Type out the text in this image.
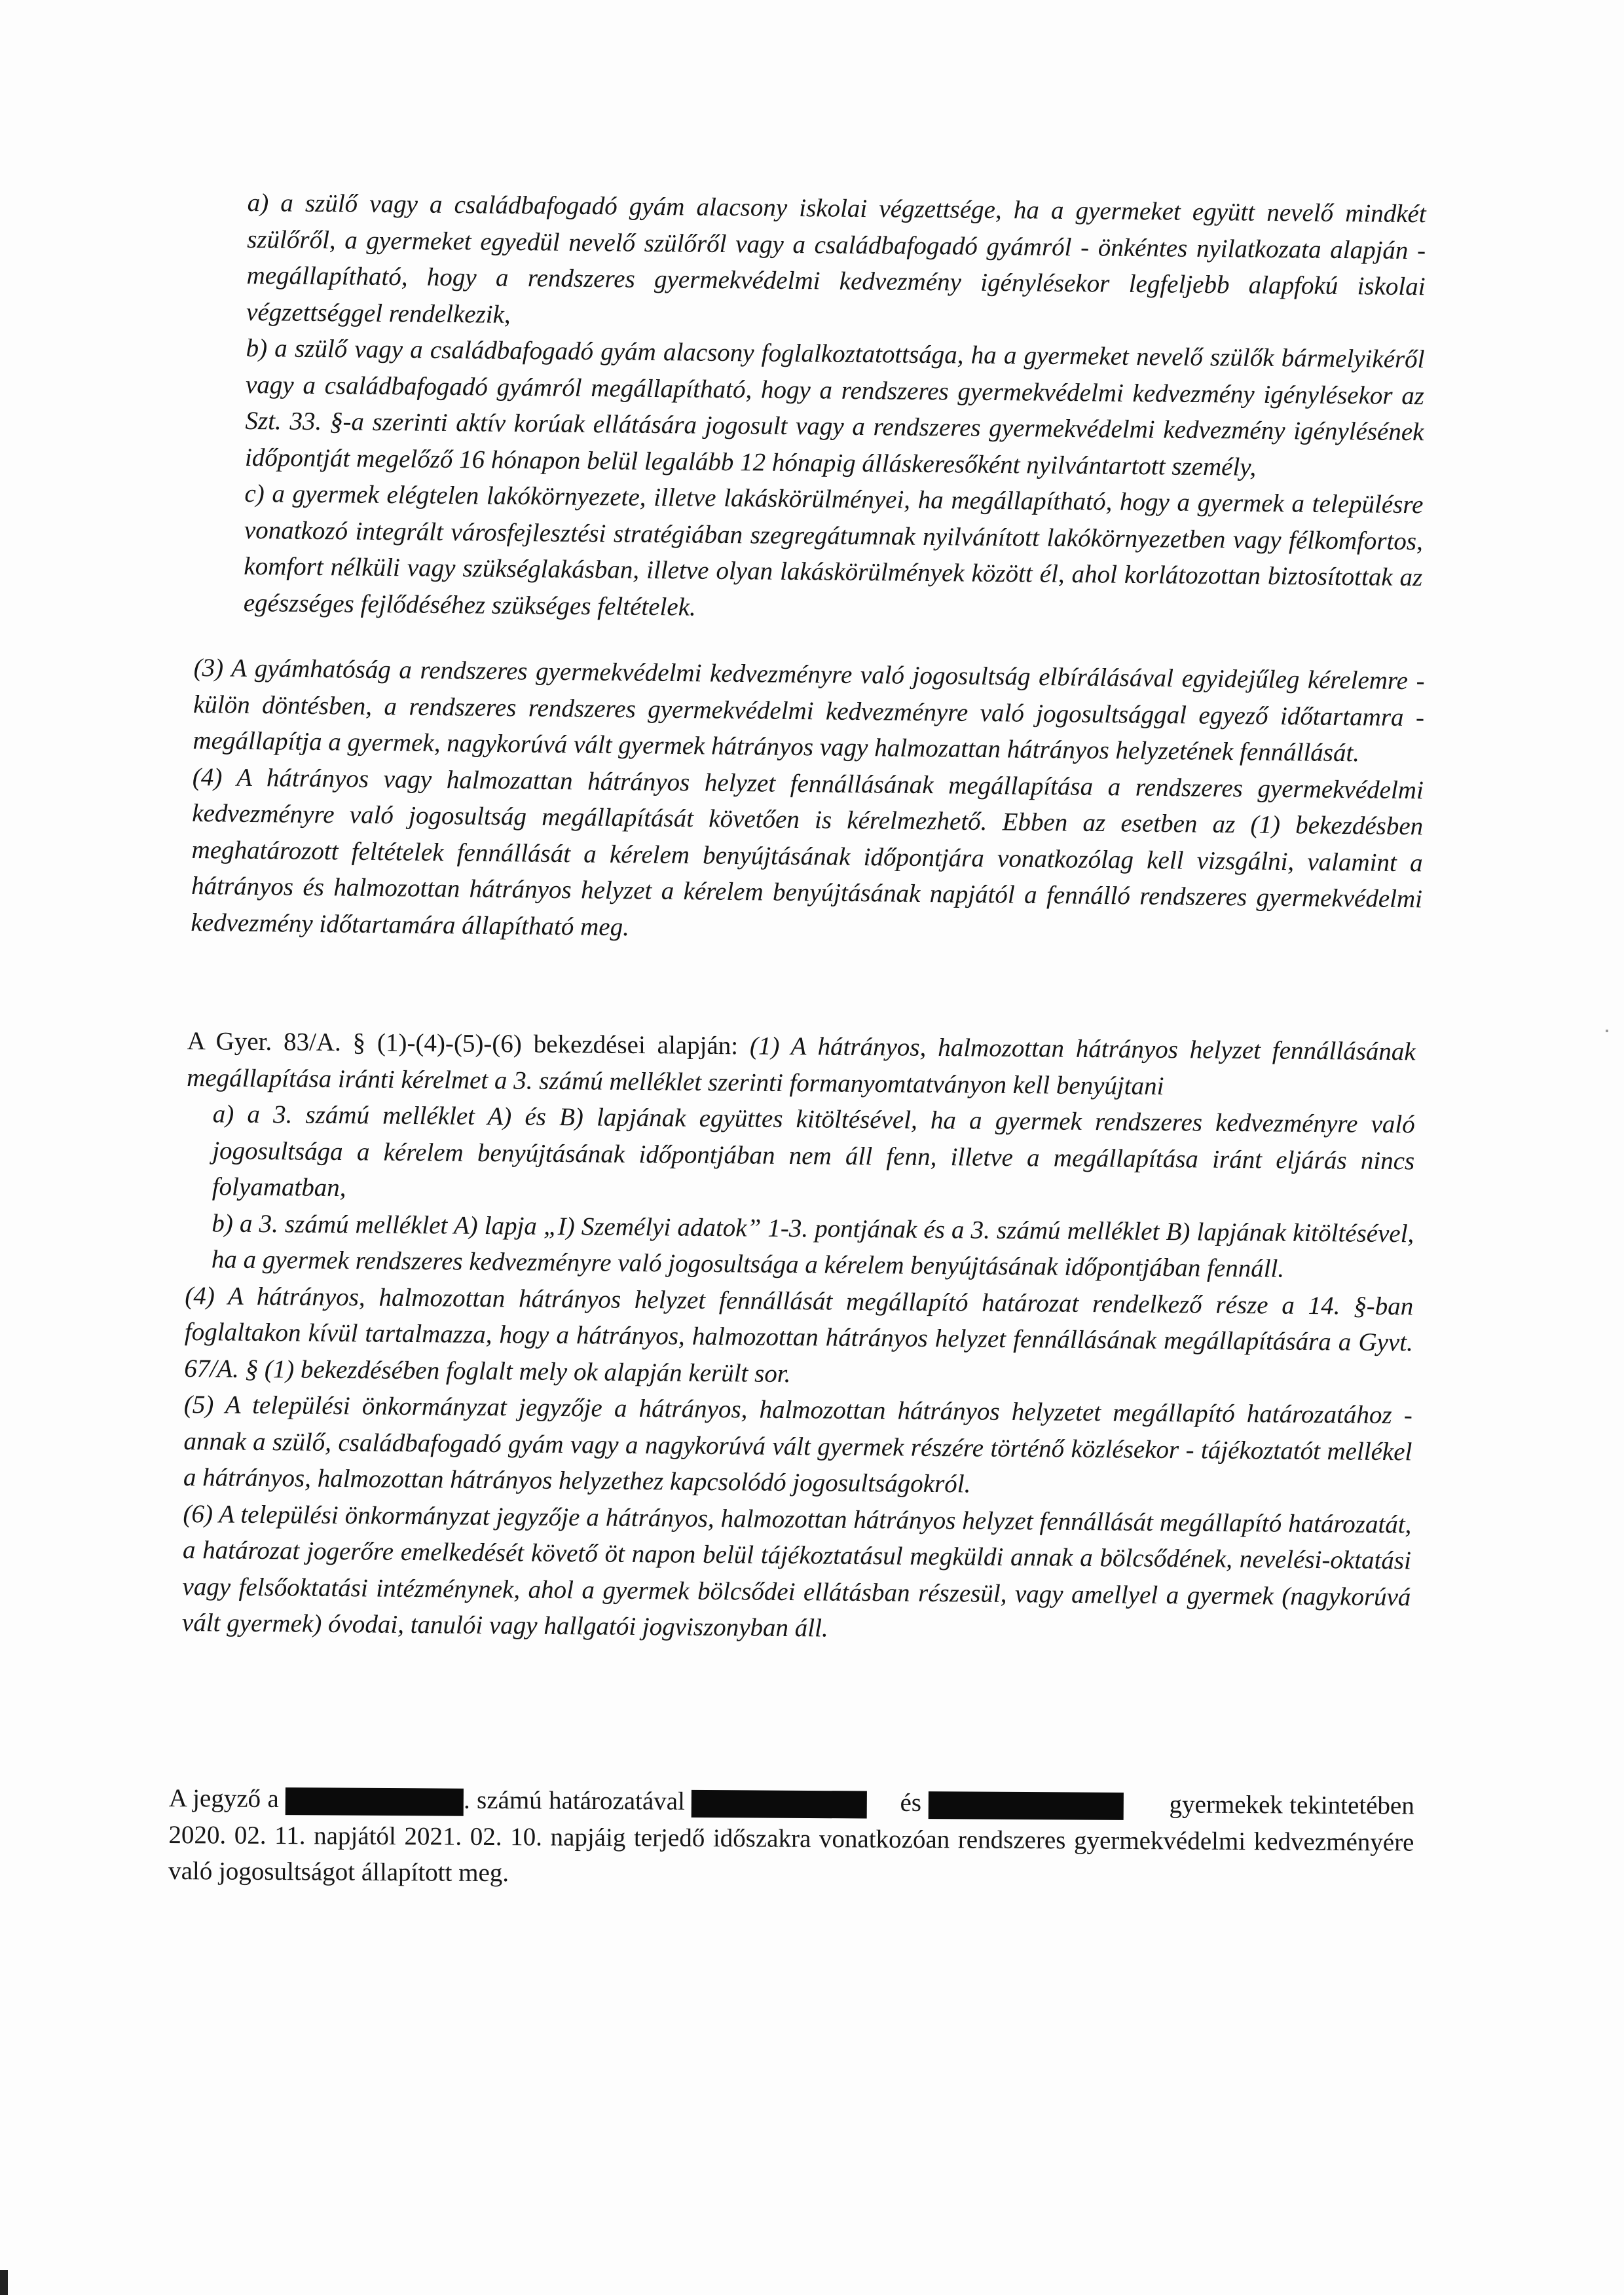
a) a szülő vagy a családbafogadó gyám alacsony iskolai végzettsége, ha a gyermeket együtt nevelő mindkét szülőről, a gyermeket egyedül nevelő szülőről vagy a családbafogadó gyámról - önkéntes nyilatkozata alapján - megállapítható, hogy a rendszeres gyermekvédelmi kedvezmény igénylésekor legfeljebb alapfokú iskolai végzettséggel rendelkezik,

b) a szülő vagy a családbafogadó gyám alacsony foglalkoztatottsága, ha a gyermeket nevelő szülők bármelyikéről vagy a családbafogadó gyámról megállapítható, hogy a rendszeres gyermekvédelmi kedvezmény igénylésekor az Szt. 33. §-a szerinti aktív korúak ellátására jogosult vagy a rendszeres gyermekvédelmi kedvezmény igénylésének időpontját megelőző 16 hónapon belül legalább 12 hónapig álláskeresőként nyilvántartott személy,

c) a gyermek elégtelen lakókörnyezete, illetve lakáskörülményei, ha megállapítható, hogy a gyermek a településre vonatkozó integrált városfejlesztési stratégiában szegregátumnak nyilvánított lakókörnyezetben vagy félkomfortos, komfort nélküli vagy szükséglakásban, illetve olyan lakáskörülmények között él, ahol korlátozottan biztosítottak az egészséges fejlődéséhez szükséges feltételek.

(3) A gyámhatóság a rendszeres gyermekvédelmi kedvezményre való jogosultság elbírálásával egyidejűleg kérelemre - külön döntésben, a rendszeres rendszeres gyermekvédelmi kedvezményre való jogosultsággal egyező időtartamra - megállapítja a gyermek, nagykorúvá vált gyermek hátrányos vagy halmozattan hátrányos helyzetének fennállását.

(4) A hátrányos vagy halmozattan hátrányos helyzet fennállásának megállapítása a rendszeres gyermekvédelmi kedvezményre való jogosultság megállapítását követően is kérelmezhető. Ebben az esetben az (1) bekezdésben meghatározott feltételek fennállását a kérelem benyújtásának időpontjára vonatkozólag kell vizsgálni, valamint a hátrányos és halmozottan hátrányos helyzet a kérelem benyújtásának napjától a fennálló rendszeres gyermekvédelmi kedvezmény időtartamára állapítható meg.

A Gyer. 83/A. § (1)-(4)-(5)-(6) bekezdései alapján: (1) A hátrányos, halmozottan hátrányos helyzet fennállásának megállapítása iránti kérelmet a 3. számú melléklet szerinti formanyomtatványon kell benyújtani

a) a 3. számú melléklet A) és B) lapjának együttes kitöltésével, ha a gyermek rendszeres kedvezményre való jogosultsága a kérelem benyújtásának időpontjában nem áll fenn, illetve a megállapítása iránt eljárás nincs folyamatban,

b) a 3. számú melléklet A) lapja „I) Személyi adatok” 1-3. pontjának és a 3. számú melléklet B) lapjának kitöltésével, ha a gyermek rendszeres kedvezményre való jogosultsága a kérelem benyújtásának időpontjában fennáll.

(4) A hátrányos, halmozottan hátrányos helyzet fennállását megállapító határozat rendelkező része a 14. §-ban foglaltakon kívül tartalmazza, hogy a hátrányos, halmozottan hátrányos helyzet fennállásának megállapítására a Gyvt. 67/A. § (1) bekezdésében foglalt mely ok alapján került sor.

(5) A települési önkormányzat jegyzője a hátrányos, halmozottan hátrányos helyzetet megállapító határozatához - annak a szülő, családbafogadó gyám vagy a nagykorúvá vált gyermek részére történő közlésekor - tájékoztatót mellékel a hátrányos, halmozottan hátrányos helyzethez kapcsolódó jogosultságokról.

(6) A települési önkormányzat jegyzője a hátrányos, halmozottan hátrányos helyzet fennállását megállapító határozatát, a határozat jogerőre emelkedését követő öt napon belül tájékoztatásul megküldi annak a bölcsődének, nevelési-oktatási vagy felsőoktatási intézménynek, ahol a gyermek bölcsődei ellátásban részesül, vagy amellyel a gyermek (nagykorúvá vált gyermek) óvodai, tanulói vagy hallgatói jogviszonyban áll.

A jegyző a	. számú határozatával	és	gyermekek tekintetében 2020. 02. 11. napjától 2021. 02. 10. napjáig terjedő időszakra vonatkozóan rendszeres gyermekvédelmi kedvezményére való jogosultságot állapított meg.
